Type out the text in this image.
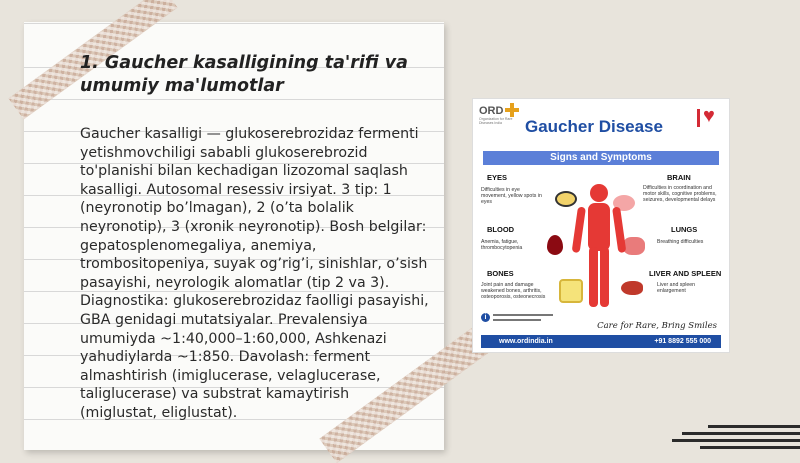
1. Gaucher kasalligining ta'rifi va umumiy ma'lumotlar
Gaucher kasalligi — glukoserebrozidaz fermenti yetishmovchiligi sababli glukoserebrozid to'planishi bilan kechadigan lizozomal saqlash kasalligi. Autosomal resessiv irsiyat. 3 tip: 1 (neyronotip bo’lmagan), 2 (o’ta bolalik neyronotip), 3 (xronik neyronotip). Bosh belgilar: gepatosplenomegaliya, anemiya, trombositopeniya, suyak og’rig’i, sinishlar, o’sish pasayishi, neyrologik alomatlar (tip 2 va 3). Diagnostika: glukoserebrozidaz faolligi pasayishi, GBA genidagi mutatsiyalar. Prevalensiya umumiyda ~1:40,000–1:60,000, Ashkenazi yahudiylarda ~1:850. Davolash: ferment almashtirish (imiglucerase, velaglucerase, taliglucerase) va substrat kamaytirish (miglustat, eliglustat).
ORD
Organization for Rare Diseases India	Gaucher Disease ♥
Signs and Symptoms
EYES
Difficulties in eye movement, yellow spots in eyes
BRAIN
Difficulties in coordination and motor skills, cognitive problems, seizures, developmental delays
BLOOD
Anemia, fatigue, thrombocytopenia
LUNGS
Breathing difficulties
BONES
Joint pain and damage weakened bones, arthritis, osteoporosis, osteonecrosis
LIVER AND SPLEEN
Liver and spleen enlargement
i
Care for Rare, Bring Smiles
www.ordindia.in	+91 8892 555 000
